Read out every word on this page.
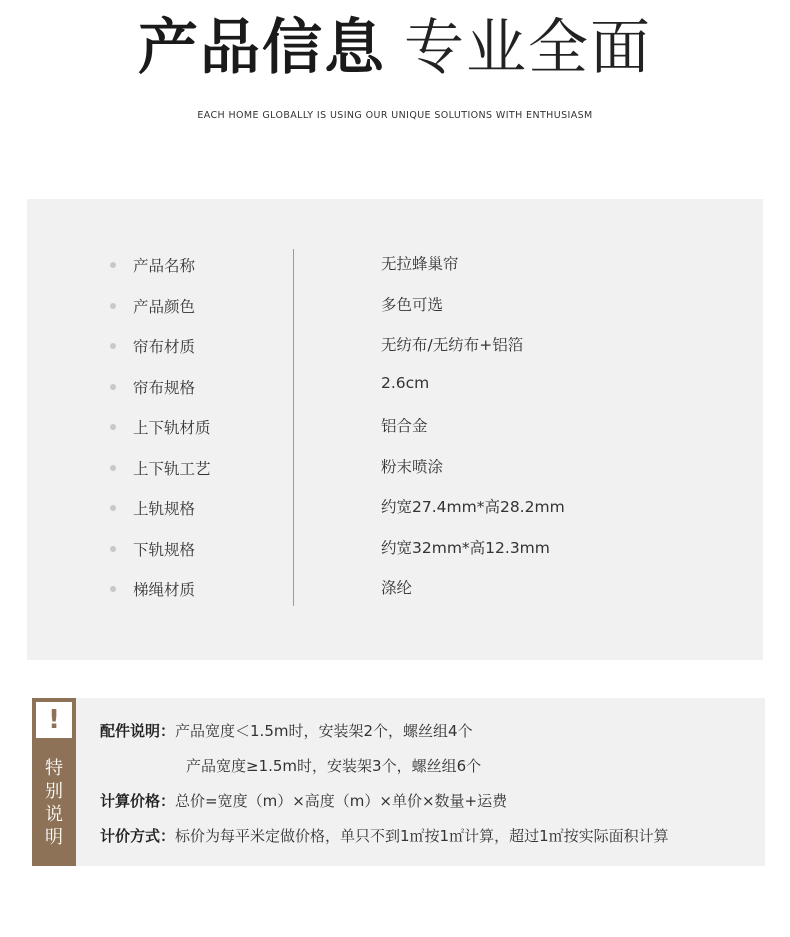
产品信息 专业全面
EACH HOME GLOBALLY IS USING OUR UNIQUE SOLUTIONS WITH ENTHUSIASM
产品名称	无拉蜂巢帘
产品颜色	多色可选
帘布材质	无纺布/无纺布+铝箔
帘布规格	2.6cm
上下轨材质	铝合金
上下轨工艺	粉末喷涂
上轨规格	约宽27.4mm*高28.2mm
下轨规格	约宽32mm*高12.3mm
梯绳材质	涤纶
!
特
别
说
明
配件说明：产品宽度＜1.5m时，安装架2个，螺丝组4个
产品宽度≥1.5m时，安装架3个，螺丝组6个
计算价格：总价=宽度（m）×高度（m）×单价×数量+运费
计价方式：标价为每平米定做价格，单只不到1㎡按1㎡计算，超过1㎡按实际面积计算
